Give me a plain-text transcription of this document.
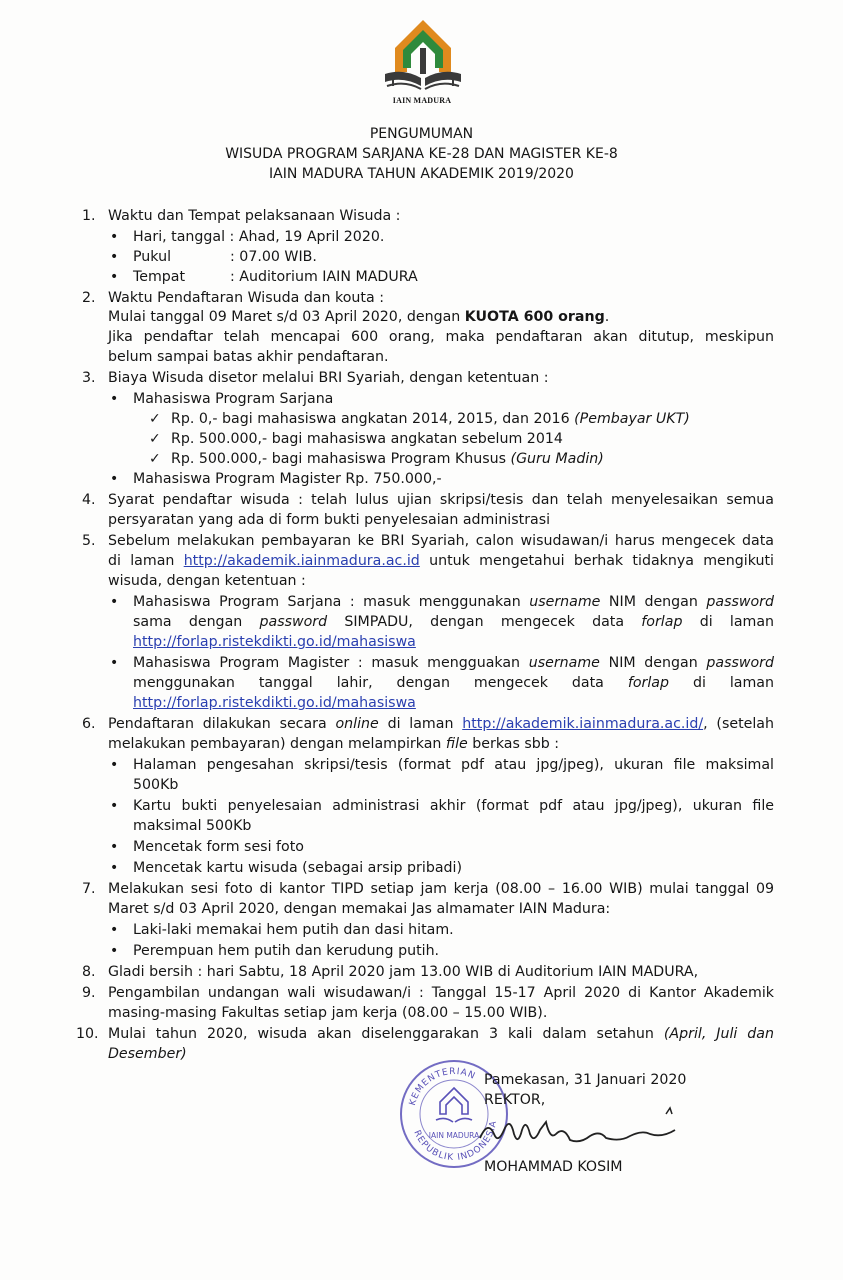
IAIN MADURA
PENGUMUMAN
WISUDA PROGRAM SARJANA KE-28 DAN MAGISTER KE-8
IAIN MADURA TAHUN AKADEMIK 2019/2020
1. Waktu dan Tempat pelaksanaan Wisuda :
• Hari, tanggal : Ahad, 19 April 2020.
• Pukul	: 07.00 WIB.
• Tempat	: Auditorium IAIN MADURA
2. Waktu Pendaftaran Wisuda dan kouta :
Mulai tanggal 09 Maret s/d 03 April 2020, dengan KUOTA 600 orang.
Jika pendaftar telah mencapai 600 orang, maka pendaftaran akan ditutup, meskipun
belum sampai batas akhir pendaftaran.
3. Biaya Wisuda disetor melalui BRI Syariah, dengan ketentuan :
• Mahasiswa Program Sarjana
✓ Rp. 0,- bagi mahasiswa angkatan 2014, 2015, dan 2016 (Pembayar UKT)
✓ Rp. 500.000,- bagi mahasiswa angkatan sebelum 2014
✓ Rp. 500.000,- bagi mahasiswa Program Khusus (Guru Madin)
• Mahasiswa Program Magister Rp. 750.000,-
4. Syarat pendaftar wisuda : telah lulus ujian skripsi/tesis dan telah menyelesaikan semua
persyaratan yang ada di form bukti penyelesaian administrasi
5. Sebelum melakukan pembayaran ke BRI Syariah, calon wisudawan/i harus mengecek data
di laman http://akademik.iainmadura.ac.id untuk mengetahui berhak tidaknya mengikuti
wisuda, dengan ketentuan :
• Mahasiswa Program Sarjana : masuk menggunakan username NIM dengan password
sama dengan password SIMPADU, dengan mengecek data forlap di laman
http://forlap.ristekdikti.go.id/mahasiswa
• Mahasiswa Program Magister : masuk mengguakan username NIM dengan password
menggunakan tanggal lahir, dengan mengecek data forlap di laman
http://forlap.ristekdikti.go.id/mahasiswa
6. Pendaftaran dilakukan secara online di laman http://akademik.iainmadura.ac.id/, (setelah
melakukan pembayaran) dengan melampirkan file berkas sbb :
• Halaman pengesahan skripsi/tesis (format pdf atau jpg/jpeg), ukuran file maksimal
500Kb
• Kartu bukti penyelesaian administrasi akhir (format pdf atau jpg/jpeg), ukuran file
maksimal 500Kb
• Mencetak form sesi foto
• Mencetak kartu wisuda (sebagai arsip pribadi)
7. Melakukan sesi foto di kantor TIPD setiap jam kerja (08.00 – 16.00 WIB) mulai tanggal 09
Maret s/d 03 April 2020, dengan memakai Jas almamater IAIN Madura:
• Laki-laki memakai hem putih dan dasi hitam.
• Perempuan hem putih dan kerudung putih.
8. Gladi bersih : hari Sabtu, 18 April 2020 jam 13.00 WIB di Auditorium IAIN MADURA,
9. Pengambilan undangan wali wisudawan/i : Tanggal 15-17 April 2020 di Kantor Akademik
masing-masing Fakultas setiap jam kerja (08.00 – 15.00 WIB).
10. Mulai tahun 2020, wisuda akan diselenggarakan 3 kali dalam setahun (April, Juli dan
Desember)
KEMENTERIAN
REPUBLIK INDONESIA
IAIN MADURA
Pamekasan, 31 Januari 2020
REKTOR,
MOHAMMAD KOSIM
